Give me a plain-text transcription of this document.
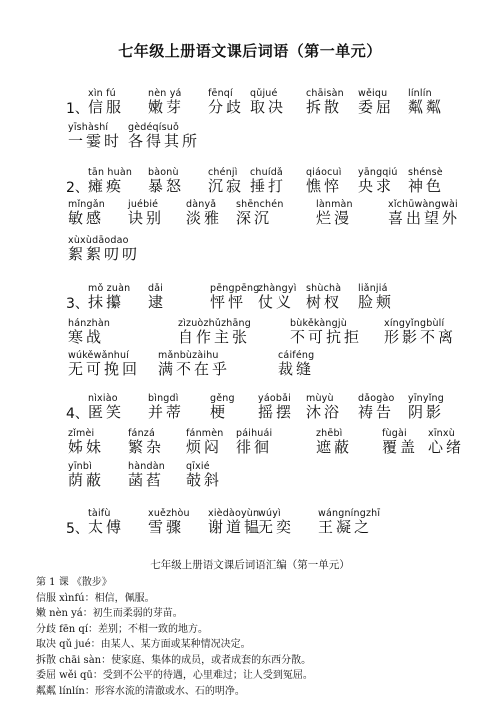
七年级上册语文课后词语（第一单元）
1、
xìn fú
信服
nèn yá
嫩芽
fēnqí
分歧
qǔjué
取决
chāisàn
拆散
wěiqu
委屈
línlín
粼粼
yīshàshí
一霎时
gèdéqísuǒ
各得其所
2、
tān huàn
瘫痪
bàonù
暴怒
chénjì
沉寂
chuídǎ
捶打
qiáocuì
憔悴
yāngqiú
央求
shénsè
神色
mǐngǎn
敏感
juébié
诀别
dànyǎ
淡雅
shēnchén
深沉
lànmàn
烂漫
xǐchūwàngwài
喜出望外
xùxùdāodao
絮絮叨叨
3、
mǒ zuàn
抹攥
dǎi
逮
pēngpēng
怦怦
zhàngyì
仗义
shùchà
树杈
liǎnjiá
脸颊
hánzhàn
寒战
zìzuòzhǔzhāng
自作主张
bùkěkàngjù
不可抗拒
xíngyǐngbùlí
形影不离
wúkěwǎnhuí
无可挽回
mǎnbùzàihu
满不在乎
cáiféng
裁缝
4、
nìxiào
匿笑
bìngdì
并蒂
gěng
梗
yáobǎi
摇摆
mùyù
沐浴
dǎogào
祷告
yīnyǐng
阴影
zǐmèi
姊妹
fánzá
繁杂
fánmèn
烦闷
páihuái
徘徊
zhēbì
遮蔽
fùgài
覆盖
xīnxù
心绪
yīnbì
荫蔽
hàndàn
菡萏
qīxié
攲斜
5、
tàifù
太傅
xuězhòu
雪骤
xièdàoyùn
谢道韫
wúyì
无奕
wángníngzhī
王凝之
七年级上册语文课后词语汇编（第一单元）
第 1 课 《散步》
信服 xìnfú：相信，佩服。
嫩 nèn yá：初生而柔弱的芽苗。
分歧 fēn qí：差别；不相一致的地方。
取决 qǔ jué：由某人、某方面或某种情况决定。
拆散 chāi sàn：使家庭、集体的成员，或者成套的东西分散。
委屈 wěi qū：受到不公平的待遇，心里难过；让人受到冤屈。
粼粼 línlín：形容水流的清澈或水、石的明净。
